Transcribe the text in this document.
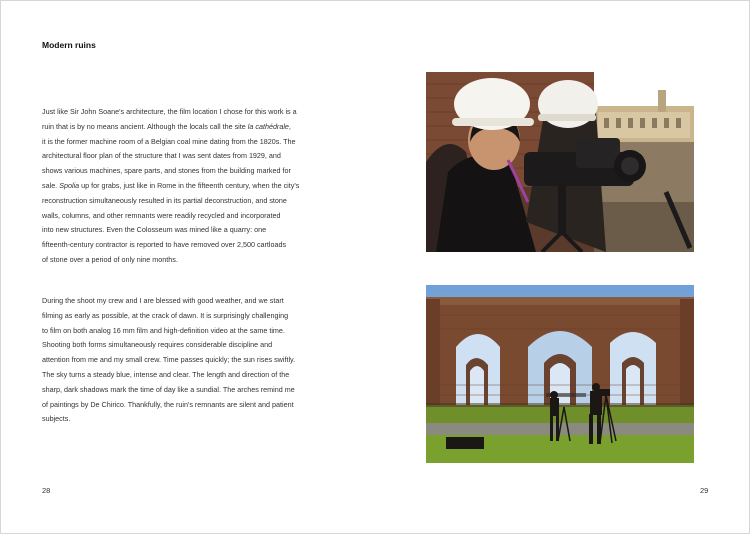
Modern ruins
Just like Sir John Soane's architecture, the film location I chose for this work is a
ruin that is by no means ancient. Although the locals call the site la cathédrale,
it is the former machine room of a Belgian coal mine dating from the 1820s. The
architectural floor plan of the structure that I was sent dates from 1929, and
shows various machines, spare parts, and stones from the building marked for
sale. Spolia up for grabs, just like in Rome in the fifteenth century, when the city's
reconstruction simultaneously resulted in its partial deconstruction, and stone
walls, columns, and other remnants were readily recycled and incorporated
into new structures. Even the Colosseum was mined like a quarry: one
fifteenth-century contractor is reported to have removed over 2,500 cartloads
of stone over a period of only nine months.
During the shoot my crew and I are blessed with good weather, and we start
filming as early as possible, at the crack of dawn. It is surprisingly challenging
to film on both analog 16 mm film and high-definition video at the same time.
Shooting both forms simultaneously requires considerable discipline and
attention from me and my small crew. Time passes quickly; the sun rises swiftly.
The sky turns a steady blue, intense and clear. The length and direction of the
sharp, dark shadows mark the time of day like a sundial. The arches remind me
of paintings by De Chirico. Thankfully, the ruin's remnants are silent and patient
subjects.
28	29
